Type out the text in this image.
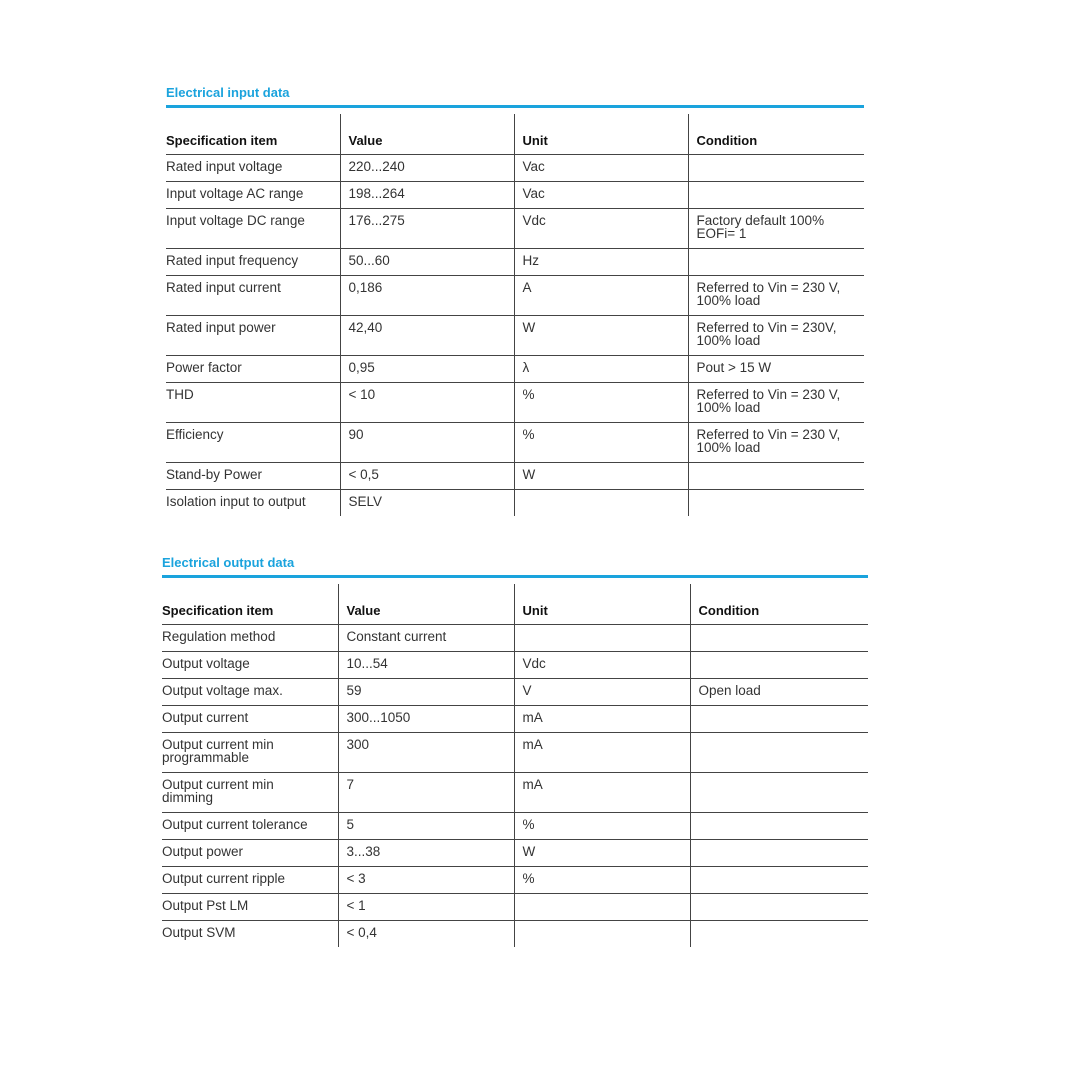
Electrical input data
Specification item	Value	Unit	Condition
Rated input voltage	220...240	Vac	
Input voltage AC range	198...264	Vac	
Input voltage DC range	176...275	Vdc	Factory default 100%
EOFi= 1
Rated input frequency	50...60	Hz	
Rated input current	0,186	A	Referred to Vin = 230 V,
100% load
Rated input power	42,40	W	Referred to Vin = 230V,
100% load
Power factor	0,95	λ	Pout > 15 W
THD	< 10	%	Referred to Vin = 230 V,
100% load
Efficiency	90	%	Referred to Vin = 230 V,
100% load
Stand-by Power	< 0,5	W	
Isolation input to output	SELV		
Electrical output data
Specification item	Value	Unit	Condition
Regulation method	Constant current		
Output voltage	10...54	Vdc	
Output voltage max.	59	V	Open load
Output current	300...1050	mA	
Output current min
programmable	300	mA	
Output current min
dimming	7	mA	
Output current tolerance	5	%	
Output power	3...38	W	
Output current ripple	< 3	%	
Output Pst LM	< 1		
Output SVM	< 0,4		
